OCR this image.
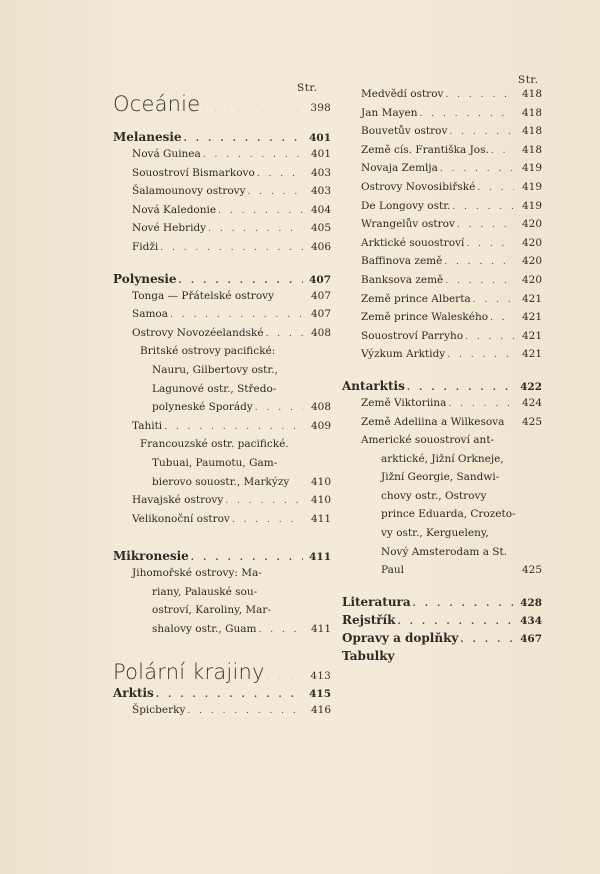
Str.
Oceánie . . .	398
Melanesie . . .	401
Nová Guinea . . .	401
Souostroví Bismarkovo . . .	403
Šalamounovy ostrovy . . .	403
Nová Kaledonie . . .	404
Nové Hebridy . . .	405
Fidži . . .	406
Polynesie . . .	407
Tonga — Přátelské ostrovy	407
Samoa . . .	407
Ostrovy Novozéelandské . . .	408
Britské ostrovy pacifické:
Nauru, Gilbertovy ostr.,
Lagunové ostr., Středo-
polyneské Sporády . . .	408
Tahiti . . .	409
Francouzské ostr. pacifické.
Tubuai, Paumotu, Gam-
bierovo souostr., Markýzy	410
Havajské ostrovy . . .	410
Velikonoční ostrov . . .	411
Mikronesie . . .	411
Jihomořské ostrovy: Ma-
riany, Palauské sou-
ostroví, Karoliny, Mar-
shalovy ostr., Guam . . .	411
Polární krajiny . . .	413
Arktis . . .	415
Špicberky . . .	416
Str.
Medvědí ostrov . . .	418
Jan Mayen . . .	418
Bouvetův ostrov . . .	418
Země cís. Františka Jos. . . .	418
Novaja Zemlja . . .	419
Ostrovy Novosibiřské . . .	419
De Longovy ostr. . . .	419
Wrangelův ostrov . . .	420
Arktické souostroví . . .	420
Baffinova země . . .	420
Banksova země . . .	420
Země prince Alberta . . .	421
Země prince Waleského . . .	421
Souostroví Parryho . . .	421
Výzkum Arktidy . . .	421
Antarktis . . .	422
Země Viktoriina . . .	424
Země Adeliina a Wilkesova	425
Americké souostroví ant-
arktické, Jižní Orkneje,
Jižní Georgie, Sandwi-
chovy ostr., Ostrovy
prince Eduarda, Crozeto-
vy ostr., Kergueleny,
Nový Amsterodam a St.
Paul	425
Literatura . . .	428
Rejstřík . . .	434
Opravy a doplňky . . .	467
Tabulky
